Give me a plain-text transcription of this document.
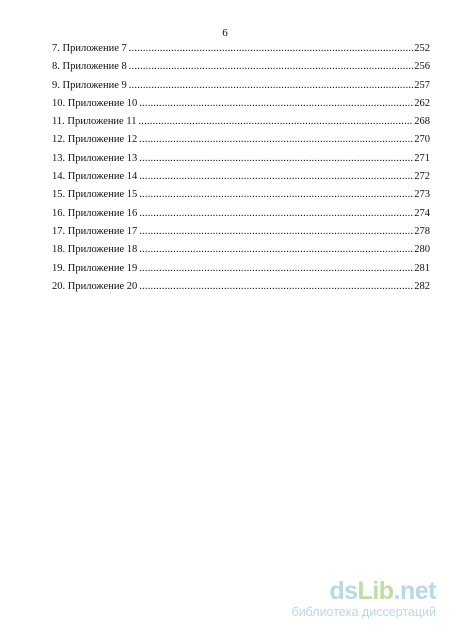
6
7. Приложение 7 .....	252
8. Приложение 8 .....	256
9. Приложение 9 .....	257
10. Приложение 10 .....	262
11. Приложение 11 .....	268
12. Приложение 12 .....	270
13. Приложение 13 .....	271
14. Приложение 14 .....	272
15. Приложение 15 .....	273
16. Приложение 16 .....	274
17. Приложение 17 .....	278
18. Приложение 18 .....	280
19. Приложение 19 .....	281
20. Приложение 20 .....	282
dsLib.net
библиотека диссертаций
